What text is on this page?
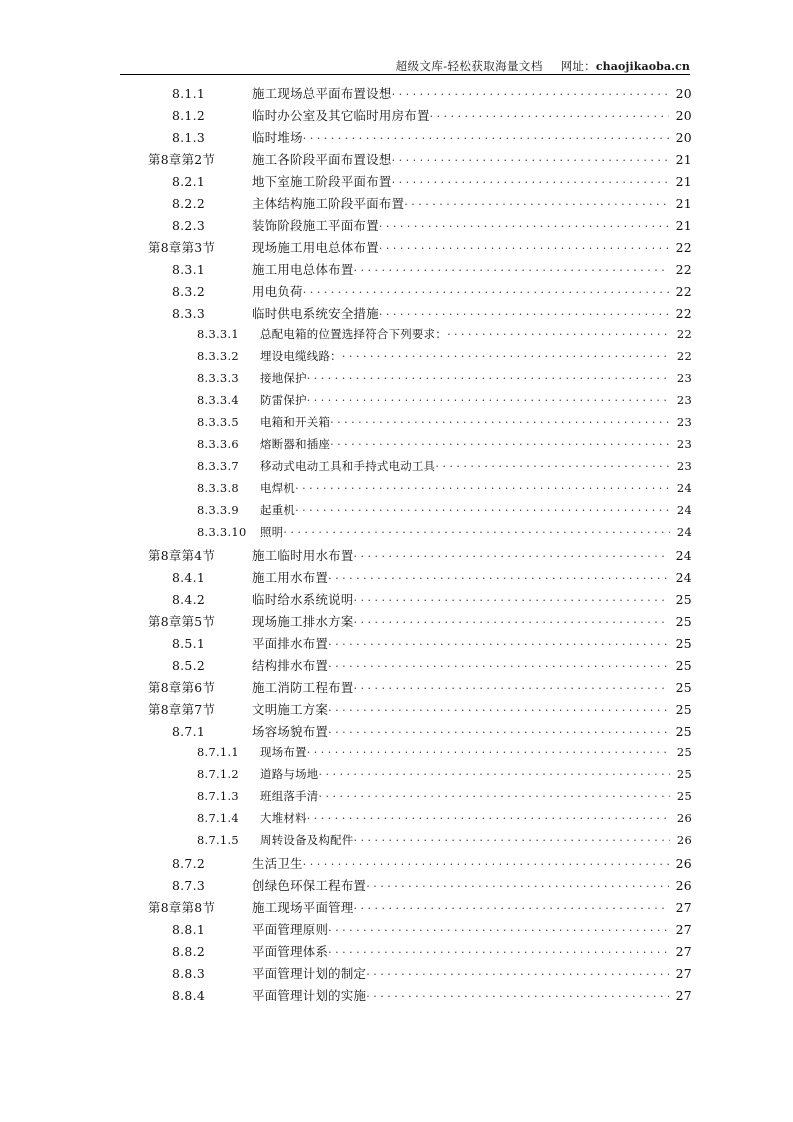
超级文库-轻松获取海量文档 网址：chaojikaoba.cn
8.1.1	施工现场总平面布置设想 . . .	20
8.1.2	临时办公室及其它临时用房布置 . . .	20
8.1.3	临时堆场 . . .	20
第8章第2节	施工各阶段平面布置设想 . . .	21
8.2.1	地下室施工阶段平面布置 . . .	21
8.2.2	主体结构施工阶段平面布置 . . .	21
8.2.3	装饰阶段施工平面布置 . . .	21
第8章第3节	现场施工用电总体布置 . . .	22
8.3.1	施工用电总体布置 . . .	22
8.3.2	用电负荷 . . .	22
8.3.3	临时供电系统安全措施 . . .	22
8.3.3.1	总配电箱的位置选择符合下列要求： . . .	22
8.3.3.2	埋设电缆线路： . . .	22
8.3.3.3	接地保护 . . .	23
8.3.3.4	防雷保护 . . .	23
8.3.3.5	电箱和开关箱 . . .	23
8.3.3.6	熔断器和插座 . . .	23
8.3.3.7	移动式电动工具和手持式电动工具 . . .	23
8.3.3.8	电焊机 . . .	24
8.3.3.9	起重机 . . .	24
8.3.3.10	照明 . . .	24
第8章第4节	施工临时用水布置 . . .	24
8.4.1	施工用水布置 . . .	24
8.4.2	临时给水系统说明 . . .	25
第8章第5节	现场施工排水方案 . . .	25
8.5.1	平面排水布置 . . .	25
8.5.2	结构排水布置 . . .	25
第8章第6节	施工消防工程布置 . . .	25
第8章第7节	文明施工方案 . . .	25
8.7.1	场容场貌布置 . . .	25
8.7.1.1	现场布置 . . .	25
8.7.1.2	道路与场地 . . .	25
8.7.1.3	班组落手清 . . .	25
8.7.1.4	大堆材料 . . .	26
8.7.1.5	周转设备及构配件 . . .	26
8.7.2	生活卫生 . . .	26
8.7.3	创绿色环保工程布置 . . .	26
第8章第8节	施工现场平面管理 . . .	27
8.8.1	平面管理原则 . . .	27
8.8.2	平面管理体系 . . .	27
8.8.3	平面管理计划的制定 . . .	27
8.8.4	平面管理计划的实施 . . .	27
